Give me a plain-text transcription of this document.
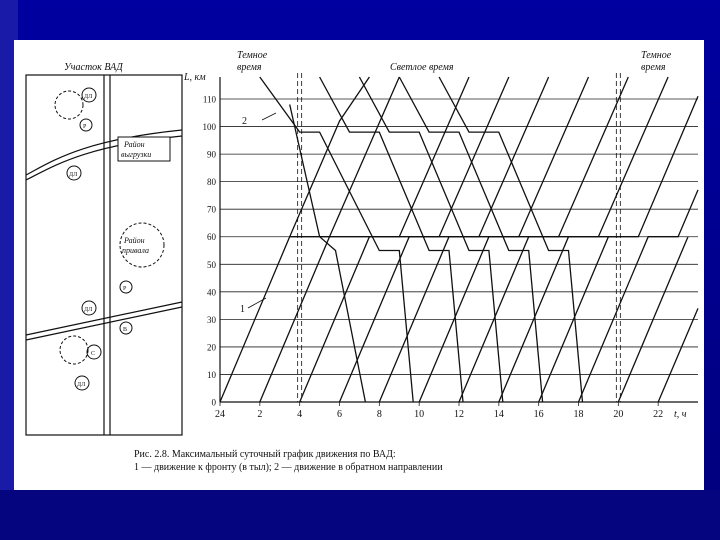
Участок ВАД
ДЛ
Р
ДЛ
Район
выгрузки
Район
привала
Р
ДЛ
В
С
ДЛ
L, км
t, ч
Темное
время	Светлое время
Темное
время
0
10
20
30
40
50
60
70
80
90
100
110
24	2	4	6	8	10	12	14	16	18	20	22
2
1
Рис. 2.8. Максимальный суточный график движения по ВАД:
1 — движение к фронту (в тыл); 2 — движение в обратном направлении
